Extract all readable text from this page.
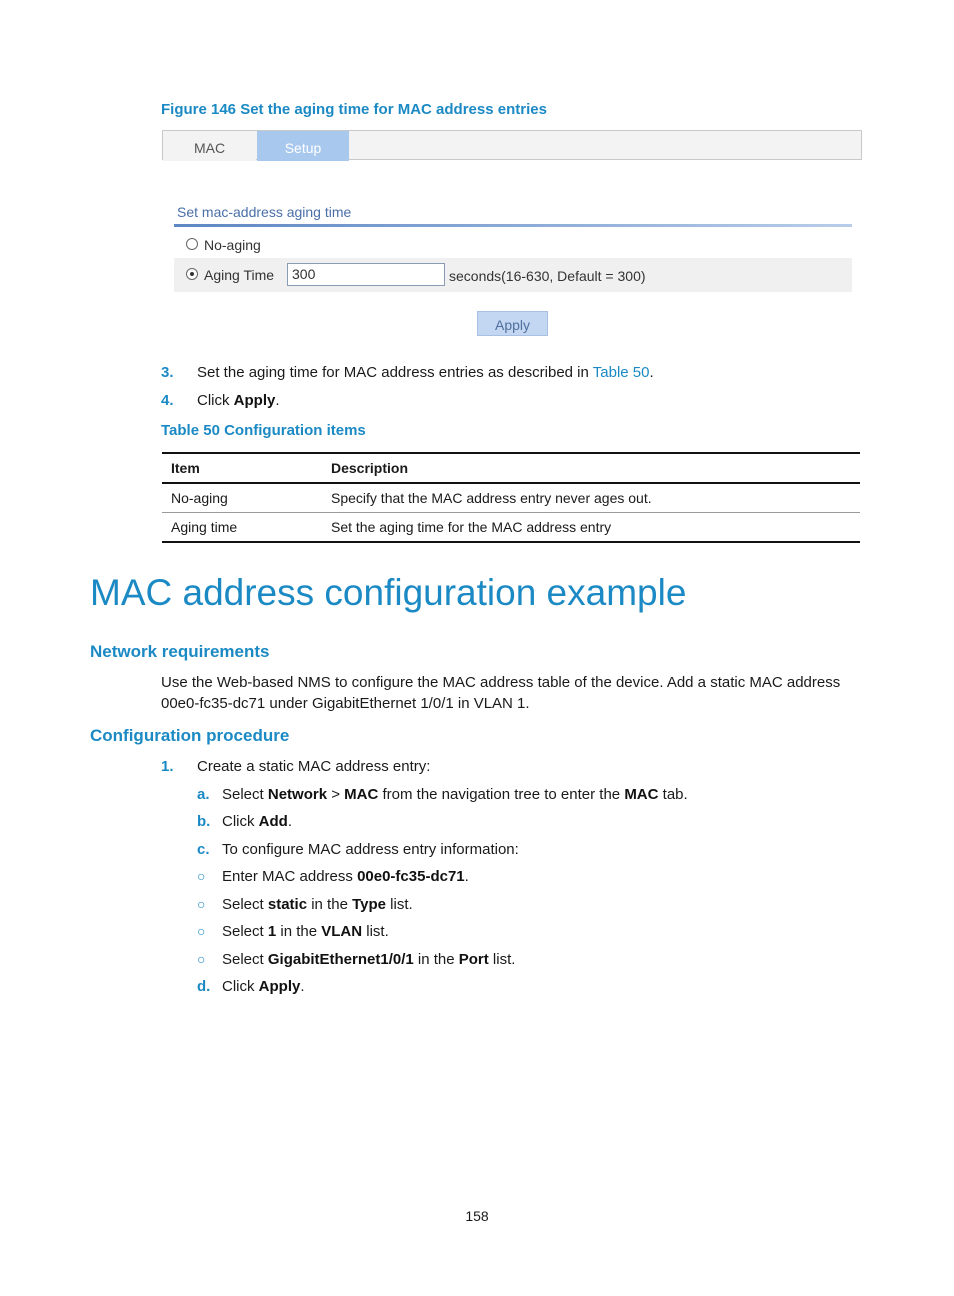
Figure 146 Set the aging time for MAC address entries
MAC	Setup
Set mac-address aging time
No-aging
Aging Time	300	seconds(16-630, Default = 300)
Apply
3. Set the aging time for MAC address entries as described in Table 50.
4. Click Apply.
Table 50 Configuration items
Item	Description
No-aging	Specify that the MAC address entry never ages out.
Aging time	Set the aging time for the MAC address entry
MAC address configuration example
Network requirements
Use the Web-based NMS to configure the MAC address table of the device. Add a static MAC address
00e0-fc35-dc71 under GigabitEthernet 1/0/1 in VLAN 1.
Configuration procedure
1. Create a static MAC address entry:
a. Select Network > MAC from the navigation tree to enter the MAC tab.
b. Click Add.
c. To configure MAC address entry information:
○ Enter MAC address 00e0-fc35-dc71.
○ Select static in the Type list.
○ Select 1 in the VLAN list.
○ Select GigabitEthernet1/0/1 in the Port list.
d. Click Apply.
158
